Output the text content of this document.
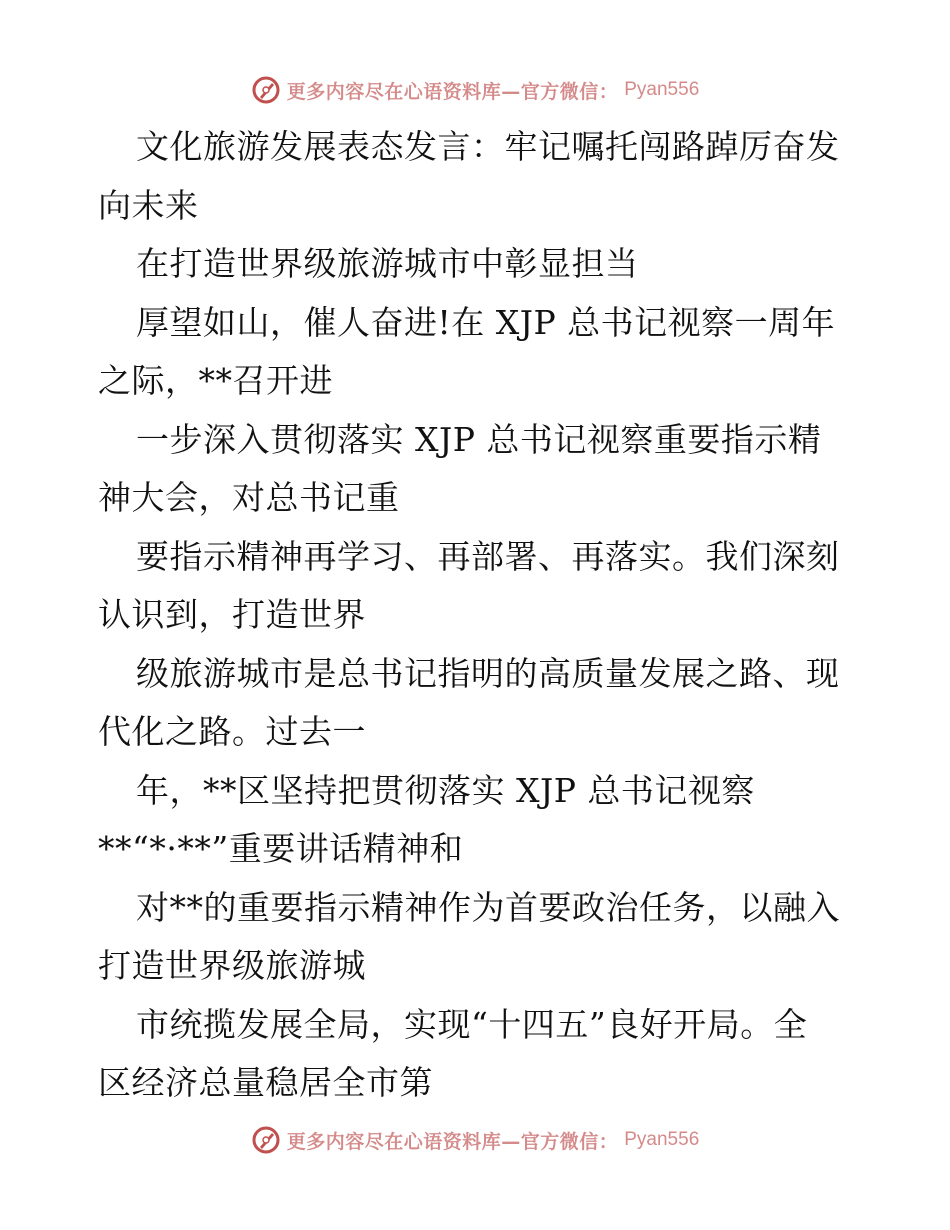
更多内容尽在心语资料库—官方微信： Pyan556
文化旅游发展表态发言：牢记嘱托闯路踔厉奋发
向未来
在打造世界级旅游城市中彰显担当
厚望如山，催人奋进!在 XJP 总书记视察一周年
之际，**召开进
一步深入贯彻落实 XJP 总书记视察重要指示精
神大会，对总书记重
要指示精神再学习、再部署、再落实。我们深刻
认识到，打造世界
级旅游城市是总书记指明的高质量发展之路、现
代化之路。过去一
年，**区坚持把贯彻落实 XJP 总书记视察
**“*·**”重要讲话精神和
对**的重要指示精神作为首要政治任务，以融入
打造世界级旅游城
市统揽发展全局，实现“十四五”良好开局。全
区经济总量稳居全市第
更多内容尽在心语资料库—官方微信： Pyan556
